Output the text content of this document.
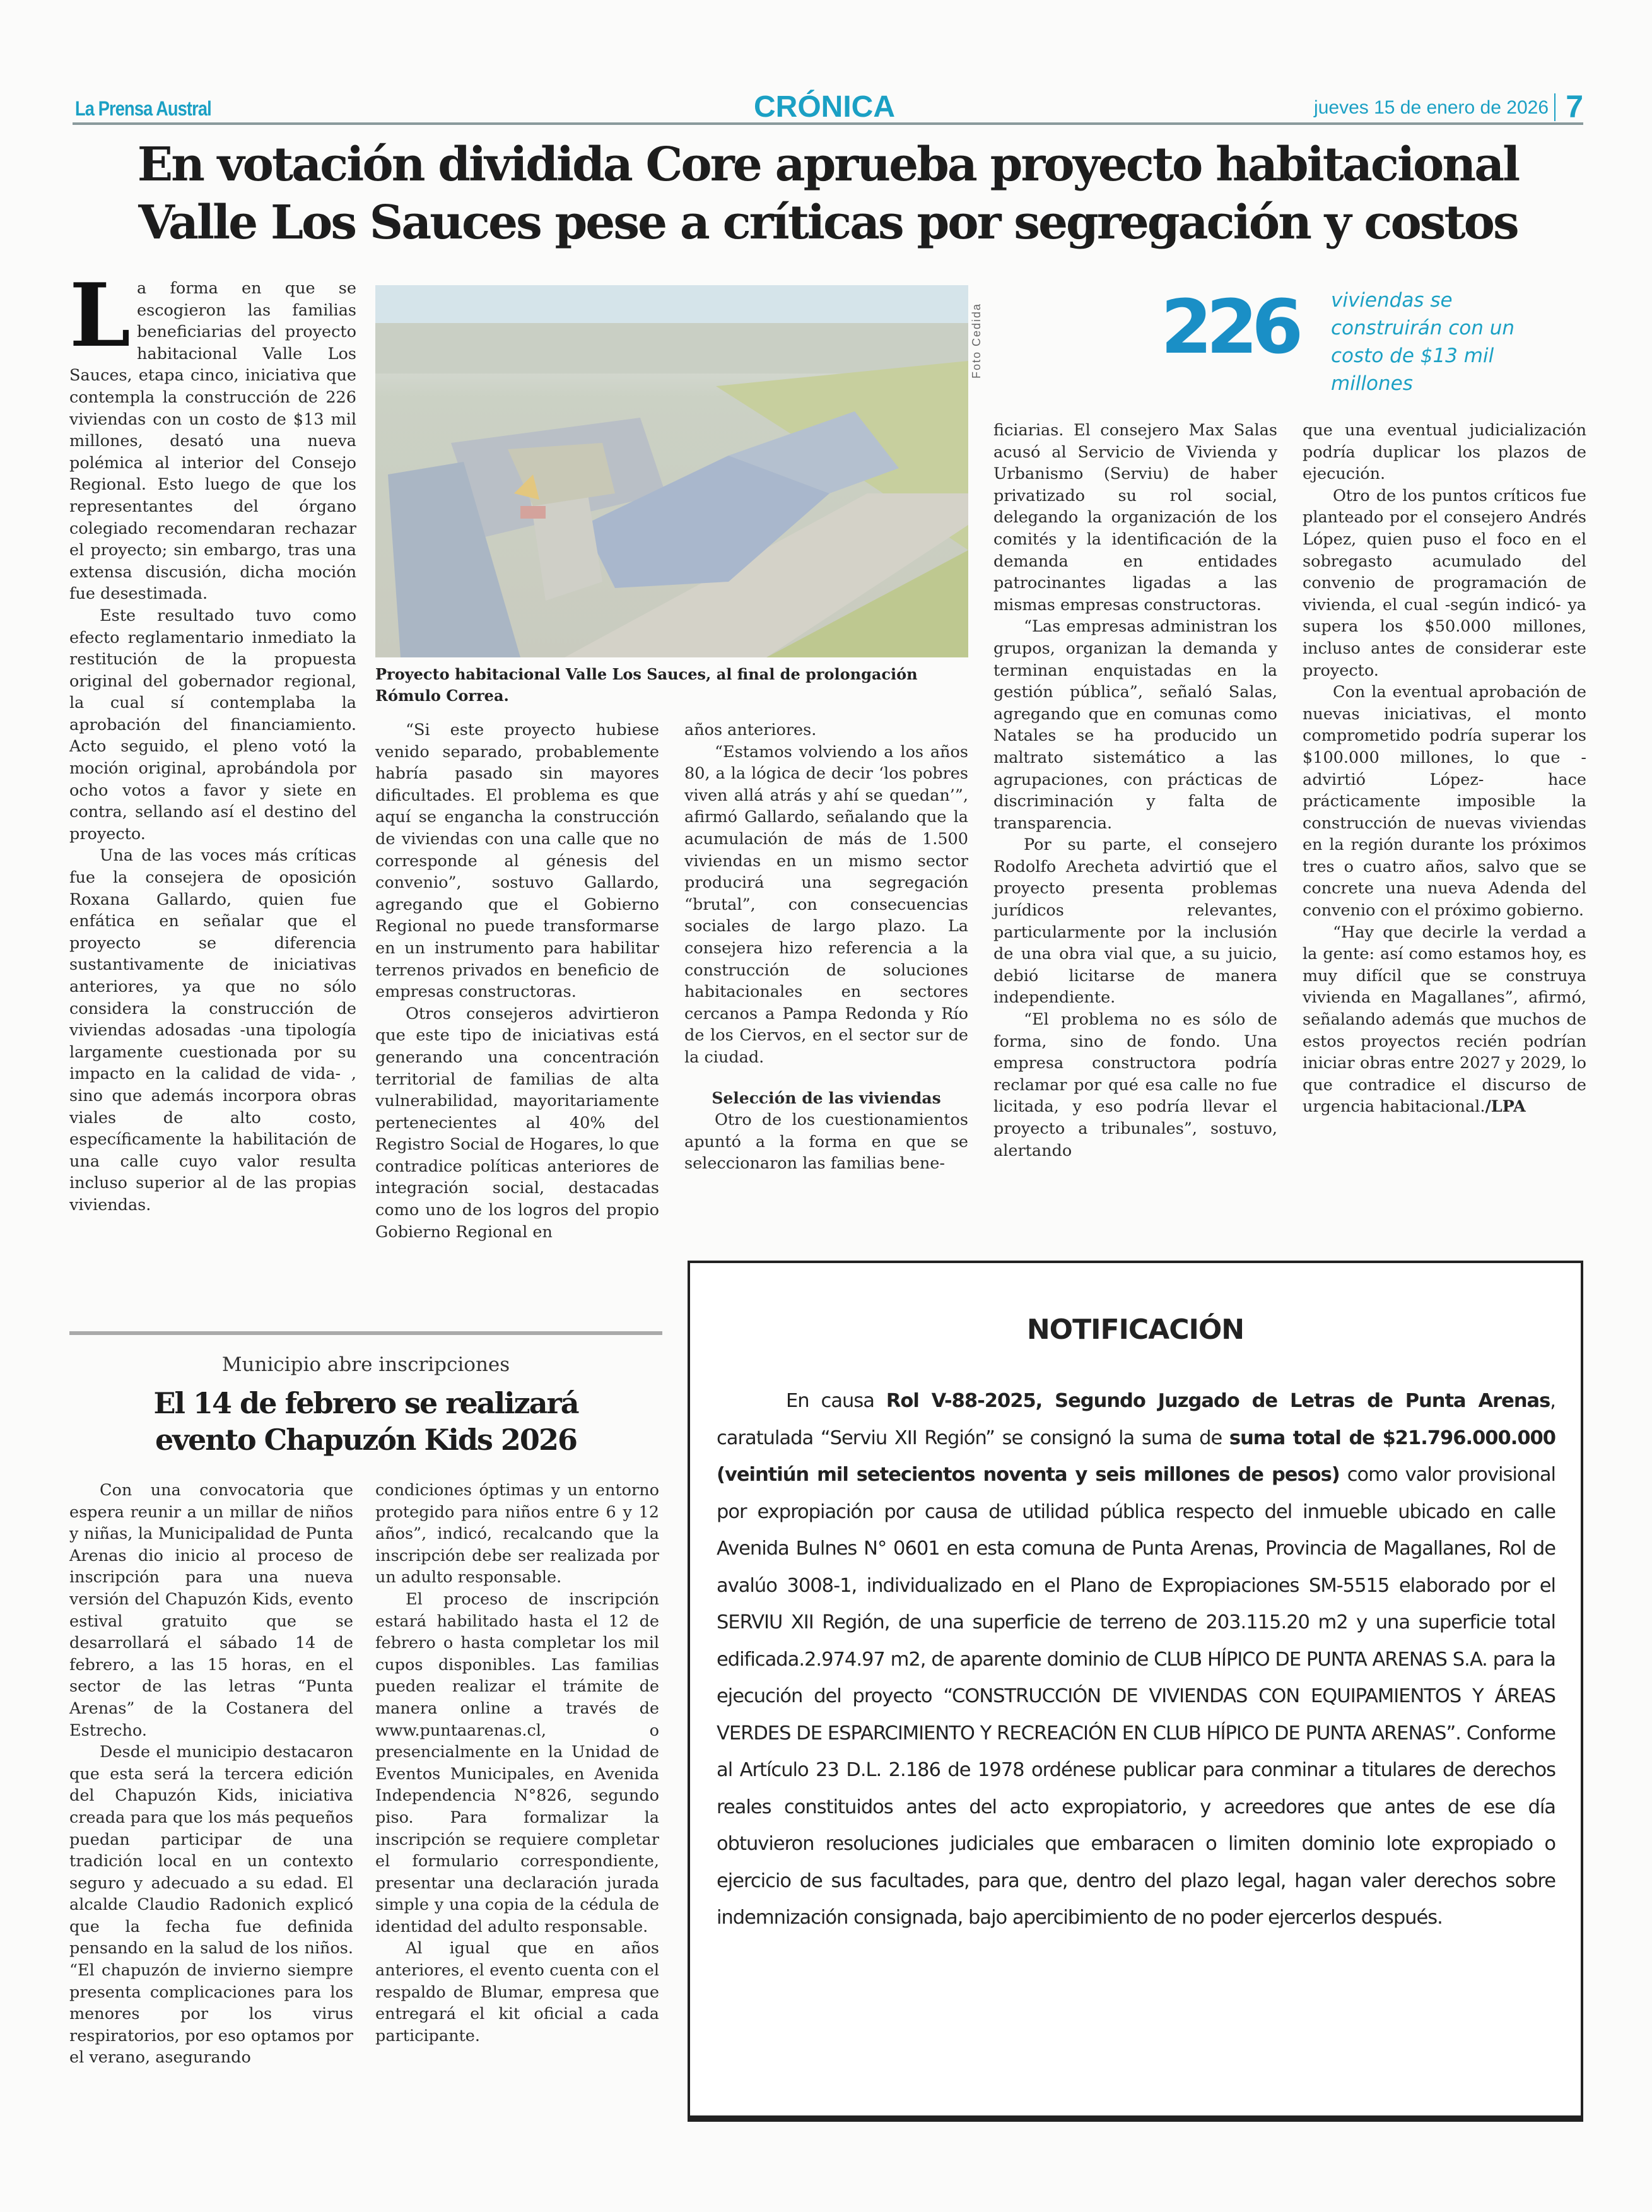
La Prensa Austral	CRÓNICA	jueves 15 de enero de 2026 7
En votación dividida Core aprueba proyecto habitacional
Valle Los Sauces pese a críticas por segregación y costos

La forma en que se escogieron las familias beneficiarias del proyecto habitacional Valle Los Sauces, etapa cinco, iniciativa que contempla la construcción de 226 viviendas con un costo de $13 mil millones, desató una nueva polémica al interior del Consejo Regional. Esto luego de que los representantes del órgano colegiado recomendaran rechazar el proyecto; sin embargo, tras una extensa discusión, dicha moción fue desestimada.

Este resultado tuvo como efecto reglamentario inmediato la restitución de la propuesta original del gobernador regional, la cual sí contemplaba la aprobación del financiamiento. Acto seguido, el pleno votó la moción original, aprobándola por ocho votos a favor y siete en contra, sellando así el destino del proyecto.

Una de las voces más críticas fue la consejera de oposición Roxana Gallardo, quien fue enfática en señalar que el proyecto se diferencia sustantivamente de iniciativas anteriores, ya que no sólo considera la construcción de viviendas adosadas -una tipología largamente cuestionada por su impacto en la calidad de vida- , sino que además incorpora obras viales de alto costo, específicamente la habilitación de una calle cuyo valor resulta incluso superior al de las propias viviendas.

Foto Cedida
Proyecto habitacional Valle Los Sauces, al final de prolongación Rómulo Correa.
226 viviendas se construirán con un costo de $13 mil millones

“Si este proyecto hubiese venido separado, probablemente habría pasado sin mayores dificultades. El problema es que aquí se engancha la construcción de viviendas con una calle que no corresponde al génesis del convenio”, sostuvo Gallardo, agregando que el Gobierno Regional no puede transformarse en un instrumento para habilitar terrenos privados en beneficio de empresas constructoras.

Otros consejeros advirtieron que este tipo de iniciativas está generando una concentración territorial de familias de alta vulnerabilidad, mayoritariamente pertenecientes al 40% del Registro Social de Hogares, lo que contradice políticas anteriores de integración social, destacadas como uno de los logros del propio Gobierno Regional en

años anteriores.

“Estamos volviendo a los años 80, a la lógica de decir ‘los pobres viven allá atrás y ahí se quedan’”, afirmó Gallardo, señalando que la acumulación de más de 1.500 viviendas en un mismo sector producirá una segregación “brutal”, con consecuencias sociales de largo plazo. La consejera hizo referencia a la construcción de soluciones habitacionales en sectores cercanos a Pampa Redonda y Río de los Ciervos, en el sector sur de la ciudad.

Selección de las viviendas

Otro de los cuestionamientos apuntó a la forma en que se seleccionaron las familias bene-

ficiarias. El consejero Max Salas acusó al Servicio de Vivienda y Urbanismo (Serviu) de haber privatizado su rol social, delegando la organización de los comités y la identificación de la demanda en entidades patrocinantes ligadas a las mismas empresas constructoras.

“Las empresas administran los grupos, organizan la demanda y terminan enquistadas en la gestión pública”, señaló Salas, agregando que en comunas como Natales se ha producido un maltrato sistemático a las agrupaciones, con prácticas de discriminación y falta de transparencia.

Por su parte, el consejero Rodolfo Arecheta advirtió que el proyecto presenta problemas jurídicos relevantes, particularmente por la inclusión de una obra vial que, a su juicio, debió licitarse de manera independiente.

“El problema no es sólo de forma, sino de fondo. Una empresa constructora podría reclamar por qué esa calle no fue licitada, y eso podría llevar el proyecto a tribunales”, sostuvo, alertando

que una eventual judicialización podría duplicar los plazos de ejecución.

Otro de los puntos críticos fue planteado por el consejero Andrés López, quien puso el foco en el sobregasto acumulado del convenio de programación de vivienda, el cual -según indicó- ya supera los $50.000 millones, incluso antes de considerar este proyecto.

Con la eventual aprobación de nuevas iniciativas, el monto comprometido podría superar los $100.000 millones, lo que -advirtió López- hace prácticamente imposible la construcción de nuevas viviendas en la región durante los próximos tres o cuatro años, salvo que se concrete una nueva Adenda del convenio con el próximo gobierno.

“Hay que decirle la verdad a la gente: así como estamos hoy, es muy difícil que se construya vivienda en Magallanes”, afirmó, señalando además que muchos de estos proyectos recién podrían iniciar obras entre 2027 y 2029, lo que contradice el discurso de urgencia habitacional./LPA

Municipio abre inscripciones
El 14 de febrero se realizará
evento Chapuzón Kids 2026

Con una convocatoria que espera reunir a un millar de niños y niñas, la Municipalidad de Punta Arenas dio inicio al proceso de inscripción para una nueva versión del Chapuzón Kids, evento estival gratuito que se desarrollará el sábado 14 de febrero, a las 15 horas, en el sector de las letras “Punta Arenas” de la Costanera del Estrecho.

Desde el municipio destacaron que esta será la tercera edición del Chapuzón Kids, iniciativa creada para que los más pequeños puedan participar de una tradición local en un contexto seguro y adecuado a su edad. El alcalde Claudio Radonich explicó que la fecha fue definida pensando en la salud de los niños. “El chapuzón de invierno siempre presenta complicaciones para los menores por los virus respiratorios, por eso optamos por el verano, asegurando

condiciones óptimas y un entorno protegido para niños entre 6 y 12 años”, indicó, recalcando que la inscripción debe ser realizada por un adulto responsable.

El proceso de inscripción estará habilitado hasta el 12 de febrero o hasta completar los mil cupos disponibles. Las familias pueden realizar el trámite de manera online a través de www.puntaarenas.cl, o presencialmente en la Unidad de Eventos Municipales, en Avenida Independencia N°826, segundo piso. Para formalizar la inscripción se requiere completar el formulario correspondiente, presentar una declaración jurada simple y una copia de la cédula de identidad del adulto responsable.

Al igual que en años anteriores, el evento cuenta con el respaldo de Blumar, empresa que entregará el kit oficial a cada participante.

NOTIFICACIÓN
En causa Rol V-88-2025, Segundo Juzgado de Letras de Punta Arenas, caratulada “Serviu XII Región” se consignó la suma de suma total de $21.796.000.000 (veintiún mil setecientos noventa y seis millones de pesos) como valor provisional por expropiación por causa de utilidad pública respecto del inmueble ubicado en calle Avenida Bulnes N° 0601 en esta comuna de Punta Arenas, Provincia de Magallanes, Rol de avalúo 3008-1, individualizado en el Plano de Expropiaciones SM-5515 elaborado por el SERVIU XII Región, de una superficie de terreno de 203.115.20 m2 y una superficie total edificada.2.974.97 m2, de aparente dominio de CLUB HÍPICO DE PUNTA ARENAS S.A. para la ejecución del proyecto “CONSTRUCCIÓN DE VIVIENDAS CON EQUIPAMIENTOS Y ÁREAS VERDES DE ESPARCIMIENTO Y RECREACIÓN EN CLUB HÍPICO DE PUNTA ARENAS”. Conforme al Artículo 23 D.L. 2.186 de 1978 ordénese publicar para conminar a titulares de derechos reales constituidos antes del acto expropiatorio, y acreedores que antes de ese día obtuvieron resoluciones judiciales que embaracen o limiten dominio lote expropiado o ejercicio de sus facultades, para que, dentro del plazo legal, hagan valer derechos sobre indemnización consignada, bajo apercibimiento de no poder ejercerlos después.
